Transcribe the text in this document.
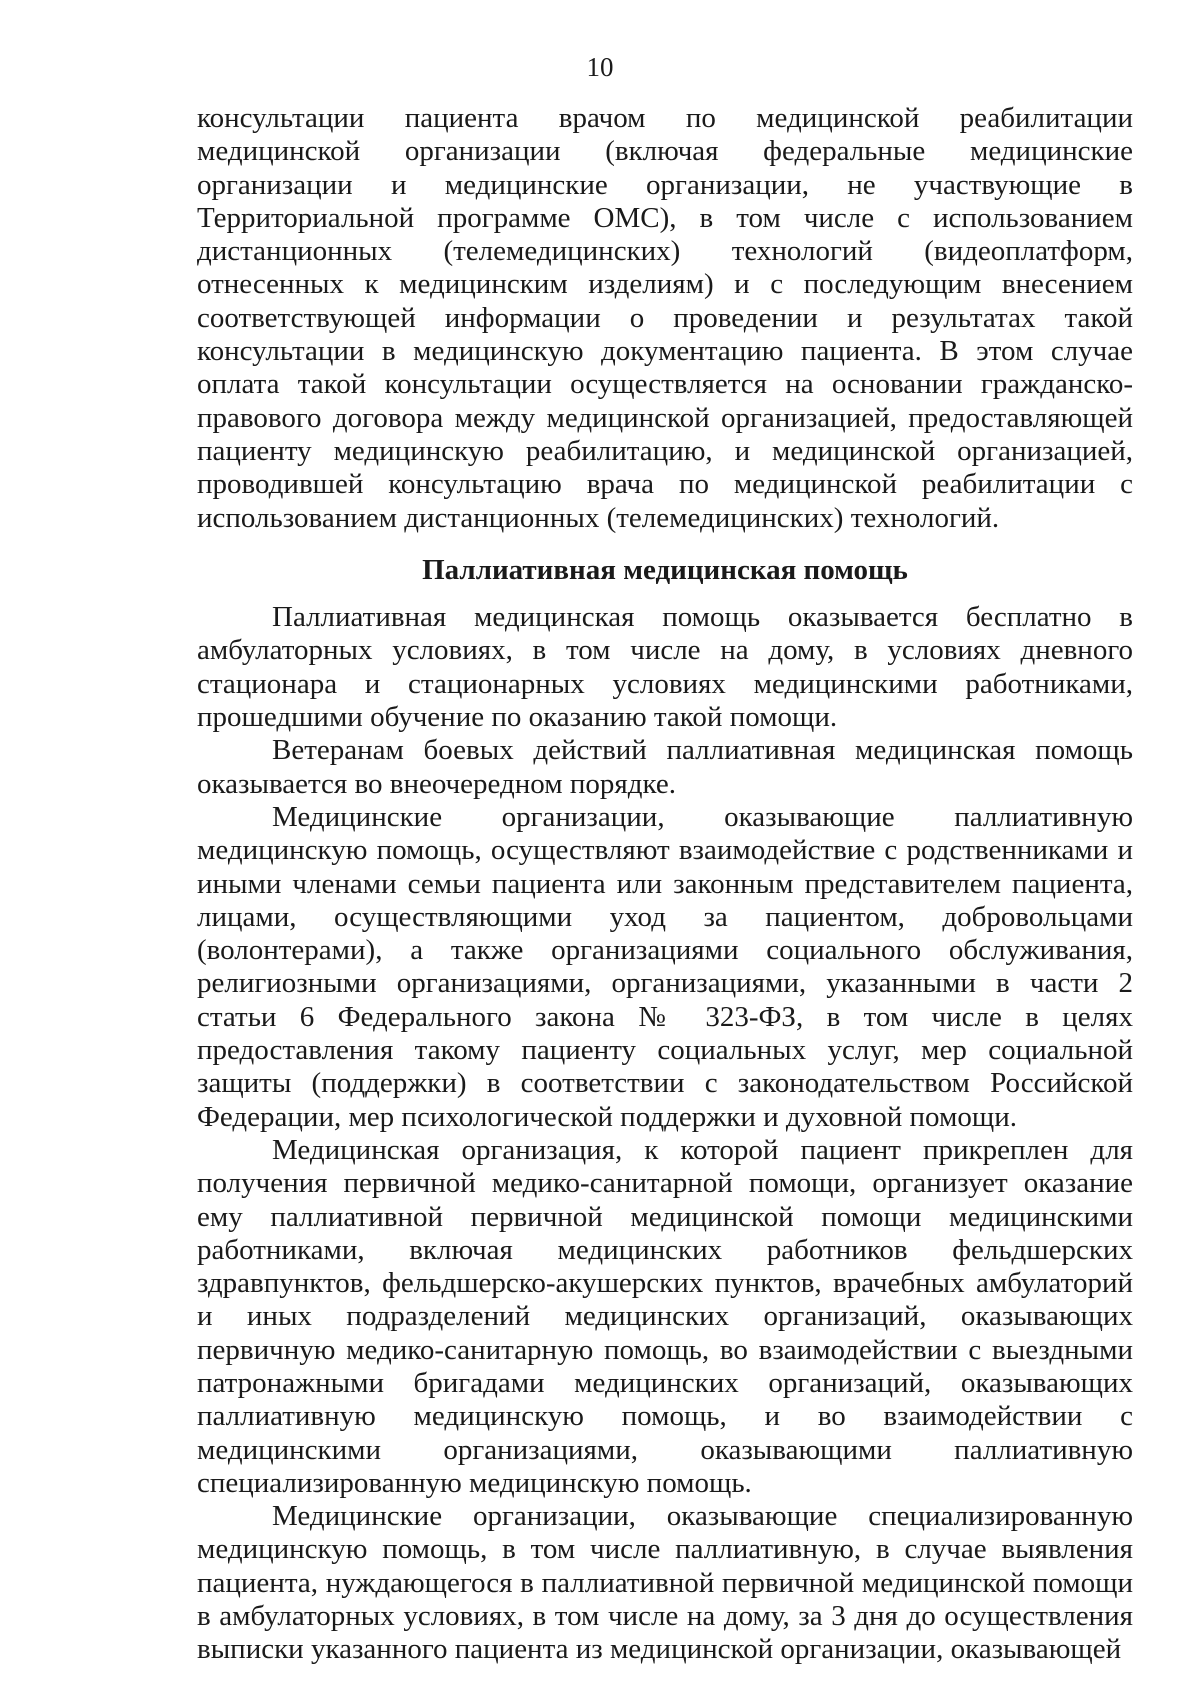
10

консультации пациента врачом по медицинской реабилитации медицинской организации (включая федеральные медицинские организации и медицинские организации, не участвующие в Территориальной программе ОМС), в том числе с использованием дистанционных (телемедицинских) технологий (видеоплатформ, отнесенных к медицинским изделиям) и с последующим внесением соответствующей информации о проведении и результатах такой консультации в медицинскую документацию пациента. В этом случае оплата такой консультации осуществляется на основании гражданско-правового договора между медицинской организацией, предоставляющей пациенту медицинскую реабилитацию, и медицинской организацией, проводившей консультацию врача по медицинской реабилитации с использованием дистанционных (телемедицинских) технологий.

Паллиативная медицинская помощь

Паллиативная медицинская помощь оказывается бесплатно в амбулаторных условиях, в том числе на дому, в условиях дневного стационара и стационарных условиях медицинскими работниками, прошедшими обучение по оказанию такой помощи.

Ветеранам боевых действий паллиативная медицинская помощь оказывается во внеочередном порядке.

Медицинские организации, оказывающие паллиативную медицинскую помощь, осуществляют взаимодействие с родственниками и иными членами семьи пациента или законным представителем пациента, лицами, осуществляющими уход за пациентом, добровольцами (волонтерами), а также организациями социального обслуживания, религиозными организациями, организациями, указанными в части 2 статьи 6 Федерального закона № 323-ФЗ, в том числе в целях предоставления такому пациенту социальных услуг, мер социальной защиты (поддержки) в соответствии с законодательством Российской Федерации, мер психологической поддержки и духовной помощи.

Медицинская организация, к которой пациент прикреплен для получения первичной медико-санитарной помощи, организует оказание ему паллиативной первичной медицинской помощи медицинскими работниками, включая медицинских работников фельдшерских здравпунктов, фельдшерско-акушерских пунктов, врачебных амбулаторий и иных подразделений медицинских организаций, оказывающих первичную медико-санитарную помощь, во взаимодействии с выездными патронажными бригадами медицинских организаций, оказывающих паллиативную медицинскую помощь, и во взаимодействии с медицинскими организациями, оказывающими паллиативную специализированную медицинскую помощь.

Медицинские организации, оказывающие специализированную медицинскую помощь, в том числе паллиативную, в случае выявления пациента, нуждающегося в паллиативной первичной медицинской помощи в амбулаторных условиях, в том числе на дому, за 3 дня до осуществления выписки указанного пациента из медицинской организации, оказывающей
